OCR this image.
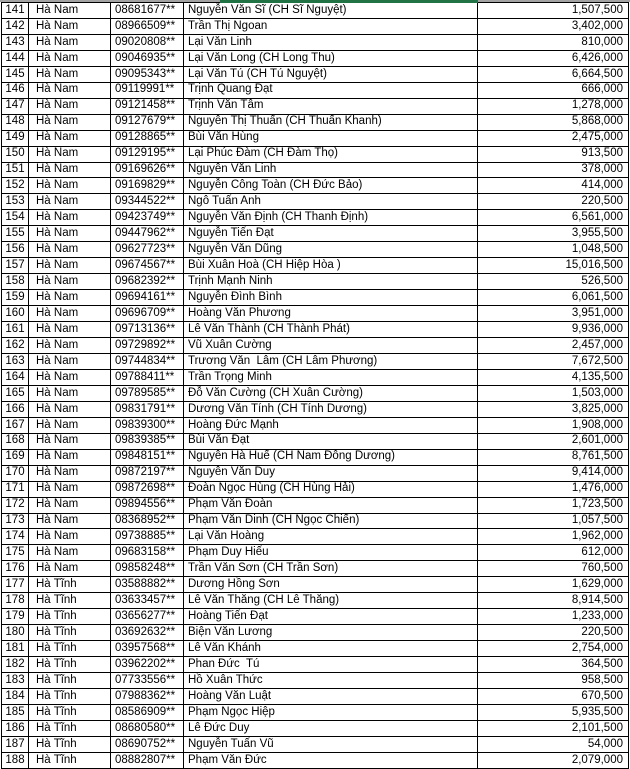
141 Hà Nam	08681677**	Nguyễn Văn Sĩ (CH Sĩ Nguyệt)	1,507,500
142 Hà Nam	08966509**	Trần Thị Ngoan	3,402,000
143 Hà Nam	09020808**	Lại Văn Linh	810,000
144 Hà Nam	09046935**	Lại Văn Long (CH Long Thu)	6,426,000
145 Hà Nam	09095343**	Lại Văn Tú (CH Tú Nguyệt)	6,664,500
146 Hà Nam	09119991**	Trịnh Quang Đạt	666,000
147 Hà Nam	09121458**	Trịnh Văn Tâm	1,278,000
148 Hà Nam	09127679**	Nguyễn Thị Thuấn (CH Thuấn Khanh)	5,868,000
149 Hà Nam	09128865**	Bùi Văn Hùng	2,475,000
150 Hà Nam	09129195**	Lại Phúc Đàm (CH Đàm Thọ)	913,500
151 Hà Nam	09169626**	Nguyễn Văn Linh	378,000
152 Hà Nam	09169829**	Nguyễn Công Toàn (CH Đức Bảo)	414,000
153 Hà Nam	09344522**	Ngô Tuấn Anh	220,500
154 Hà Nam	09423749**	Nguyễn Văn Định (CH Thanh Định)	6,561,000
155 Hà Nam	09447962**	Nguyễn Tiến Đạt	3,955,500
156 Hà Nam	09627723**	Nguyễn Văn Dũng	1,048,500
157 Hà Nam	09674567**	Bùi Xuân Hoà (CH Hiệp Hòa )	15,016,500
158 Hà Nam	09682392**	Trịnh Mạnh Ninh	526,500
159 Hà Nam	09694161**	Nguyễn Đình Bình	6,061,500
160 Hà Nam	09696709**	Hoàng Văn Phương	3,951,000
161 Hà Nam	09713136**	Lê Văn Thành (CH Thành Phát)	9,936,000
162 Hà Nam	09729892**	Vũ Xuân Cường	2,457,000
163 Hà Nam	09744834**	Trương Văn  Lâm (CH Lâm Phương)	7,672,500
164 Hà Nam	09788411**	Trần Trọng Minh	4,135,500
165 Hà Nam	09789585**	Đỗ Văn Cường (CH Xuân Cường)	1,503,000
166 Hà Nam	09831791**	Dương Văn Tính (CH Tính Dương)	3,825,000
167 Hà Nam	09839300**	Hoàng Đức Mạnh	1,908,000
168 Hà Nam	09839385**	Bùi Văn Đạt	2,601,000
169 Hà Nam	09848151**	Nguyễn Hà Huế (CH Nam Đông Dương)	8,761,500
170 Hà Nam	09872197**	Nguyễn Văn Duy	9,414,000
171 Hà Nam	09872698**	Đoàn Ngọc Hùng (CH Hùng Hải)	1,476,000
172 Hà Nam	09894556**	Phạm Văn Đoàn	1,723,500
173 Hà Nam	08368952**	Phạm Văn Dinh (CH Ngọc Chiến)	1,057,500
174 Hà Nam	09738885**	Lại Văn Hoàng	1,962,000
175 Hà Nam	09683158**	Phạm Duy Hiếu	612,000
176 Hà Nam	09858248**	Trần Văn Sơn (CH Trần Sơn)	760,500
177 Hà Tĩnh	03588882**	Dương Hồng Sơn	1,629,000
178 Hà Tĩnh	03633457**	Lê Văn Thăng (CH Lê Thăng)	8,914,500
179 Hà Tĩnh	03656277**	Hoàng Tiến Đạt	1,233,000
180 Hà Tĩnh	03692632**	Biện Văn Lương	220,500
181 Hà Tĩnh	03957568**	Lê Văn Khánh	2,754,000
182 Hà Tĩnh	03962202**	Phan Đức  Tú	364,500
183 Hà Tĩnh	07733556**	Hồ Xuân Thức	958,500
184 Hà Tĩnh	07988362**	Hoàng Văn Luật	670,500
185 Hà Tĩnh	08586909**	Phạm Ngọc Hiệp	5,935,500
186 Hà Tĩnh	08680580**	Lê Đức Duy	2,101,500
187 Hà Tĩnh	08690752**	Nguyễn Tuấn Vũ	54,000
188 Hà Tĩnh	08882807**	Phạm Văn Đức	2,079,000
